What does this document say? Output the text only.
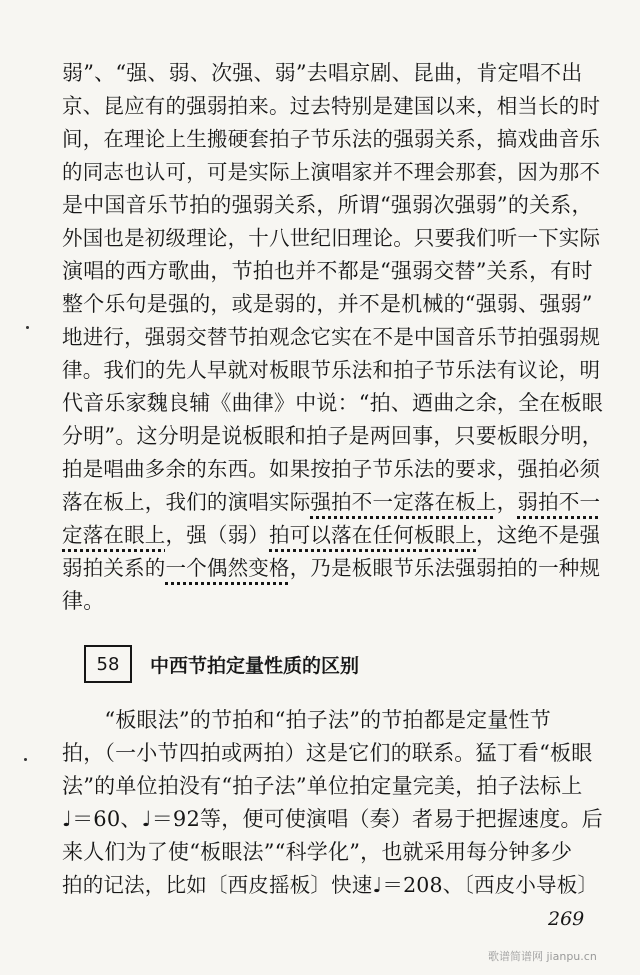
弱”、“强、弱、次强、弱”去唱京剧、昆曲，肯定唱不出
京、昆应有的强弱拍来。过去特别是建国以来，相当长的时
间，在理论上生搬硬套拍子节乐法的强弱关系，搞戏曲音乐
的同志也认可，可是实际上演唱家并不理会那套，因为那不
是中国音乐节拍的强弱关系，所谓“强弱次强弱”的关系，
外国也是初级理论，十八世纪旧理论。只要我们听一下实际
演唱的西方歌曲，节拍也并不都是“强弱交替”关系，有时
整个乐句是强的，或是弱的，并不是机械的“强弱、强弱”
地进行，强弱交替节拍观念它实在不是中国音乐节拍强弱规
律。我们的先人早就对板眼节乐法和拍子节乐法有议论，明
代音乐家魏良辅《曲律》中说：“拍、迺曲之余，全在板眼
分明”。这分明是说板眼和拍子是两回事，只要板眼分明，
拍是唱曲多余的东西。如果按拍子节乐法的要求，强拍必须
落在板上，我们的演唱实际强拍不一定落在板上，弱拍不一
定落在眼上，强（弱）拍可以落在任何板眼上，这绝不是强
弱拍关系的一个偶然变格，乃是板眼节乐法强弱拍的一种规
律。
58	中西节拍定量性质的区别
　　“板眼法”的节拍和“拍子法”的节拍都是定量性节
拍，（一小节四拍或两拍）这是它们的联系。猛丁看“板眼
法”的单位拍没有“拍子法”单位拍定量完美，拍子法标上
♩＝60、♩＝92等，便可使演唱（奏）者易于把握速度。后
来人们为了使“板眼法”“科学化”，也就采用每分钟多少
拍的记法，比如〔西皮摇板〕快速♩＝208、〔西皮小导板〕
269
歌谱简谱网 jianpu.cn
